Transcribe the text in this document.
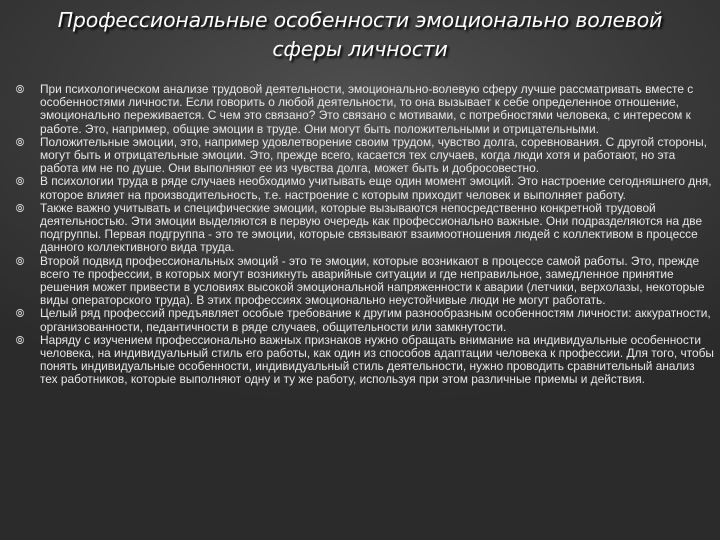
Профессиональные особенности эмоционально волевой
сферы личности
⦾ При психологическом анализе трудовой деятельности, эмоционально-волевую сферу лучше рассматривать вместе с особенностями личности. Если говорить о любой деятельности, то она вызывает к себе определенное отношение, эмоционально переживается. С чем это связано? Это связано с мотивами, с потребностями человека, с интересом к работе. Это, например, общие эмоции в труде. Они могут быть положительными и отрицательными.
⦾ Положительные эмоции, это, например удовлетворение своим трудом, чувство долга, соревнования. С другой стороны, могут быть и отрицательные эмоции. Это, прежде всего, касается тех случаев, когда люди хотя и работают, но эта работа им не по душе. Они выполняют ее из чувства долга, может быть и добросовестно.
⦾ В психологии труда в ряде случаев необходимо учитывать еще один момент эмоций. Это настроение сегодняшнего дня, которое влияет на производительность, т.е. настроение с которым приходит человек и выполняет работу.
⦾ Также важно учитывать и специфические эмоции, которые вызываются непосредственно конкретной трудовой деятельностью. Эти эмоции выделяются в первую очередь как профессионально важные. Они подразделяются на две подгруппы. Первая подгруппа - это те эмоции, которые связывают взаимоотношения людей с коллективом в процессе данного коллективного вида труда.
⦾ Второй подвид профессиональных эмоций - это те эмоции, которые возникают в процессе самой работы. Это, прежде всего те профессии, в которых могут возникнуть аварийные ситуации и где неправильное, замедленное принятие решения может привести в условиях высокой эмоциональной напряженности к аварии (летчики, верхолазы, некоторые виды операторского труда). В этих профессиях эмоционально неустойчивые люди не могут работать.
⦾ Целый ряд профессий предъявляет особые требование к другим разнообразным особенностям личности: аккуратности, организованности, педантичности в ряде случаев, общительности или замкнутости.
⦾ Наряду с изучением профессионально важных признаков нужно обращать внимание на индивидуальные особенности человека, на индивидуальный стиль его работы, как один из способов адаптации человека к профессии. Для того, чтобы понять индивидуальные особенности, индивидуальный стиль деятельности, нужно проводить сравнительный анализ тех работников, которые выполняют одну и ту же работу, используя при этом различные приемы и действия.
